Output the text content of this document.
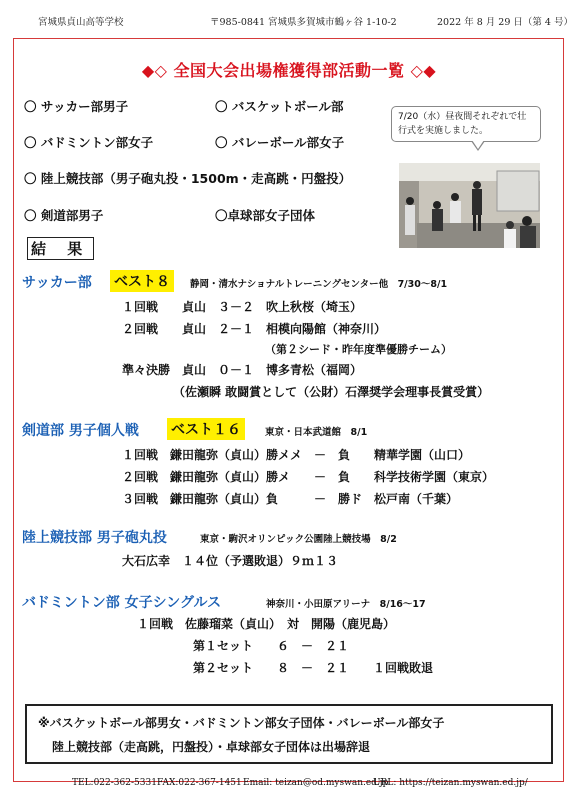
宮城県貞山高等学校	〒985-0841 宮城県多賀城市鶴ヶ谷 1-10-2	2022 年 8 月 29 日（第 4 号）
◆◇ 全国大会出場権獲得部活動一覧 ◇◆
〇 サッカー部男子	〇 バスケットボール部
〇 バドミントン部女子	〇 バレーボール部女子
〇 陸上競技部（男子砲丸投・1500m・走高跳・円盤投）
〇 剣道部男子	〇卓球部女子団体
7/20（水）昼夜間それぞれで壮行式を実施しました。
結 果
サッカー部 ベスト８	静岡・清水ナショナルトレーニングセンター他　7/30〜8/1
１回戦　　貞山　３－２　吹上秋桜（埼玉）
２回戦　　貞山　２－１　相模向陽館（神奈川）
（第２シード・昨年度準優勝チーム）
準々決勝　貞山　０－１　博多青松（福岡）
（佐瀬瞬 敢闘賞として（公財）石澤奨学会理事長賞受賞）
剣道部 男子個人戦 ベスト１６	東京・日本武道館　8/1
１回戦　鎌田龍弥（貞山）勝メメ　－　負　　精華学園（山口）
２回戦　鎌田龍弥（貞山）勝メ　　－　負　　科学技術学園（東京）
３回戦　鎌田龍弥（貞山）負　　　－　勝ド　松戸南（千葉）
陸上競技部 男子砲丸投	東京・駒沢オリンピック公園陸上競技場　8/2
大石広幸　１４位（予選敗退）９ｍ１３
バドミントン部 女子シングルス	神奈川・小田原アリーナ　8/16〜17
１回戦　佐藤瑠菜（貞山）　対　開陽（鹿児島）
第１セット　　６　－　２１
第２セット　　８　－　２１　　１回戦敗退
※バスケットボール部男女・バドミントン部女子団体・バレーボール部女子
陸上競技部（走高跳，円盤投）・卓球部女子団体は出場辞退
TEL:022-362-5331 FAX:022-367-1451 Email: teizan@od.myswan.ed.jp
URL: https://teizan.myswan.ed.jp/
